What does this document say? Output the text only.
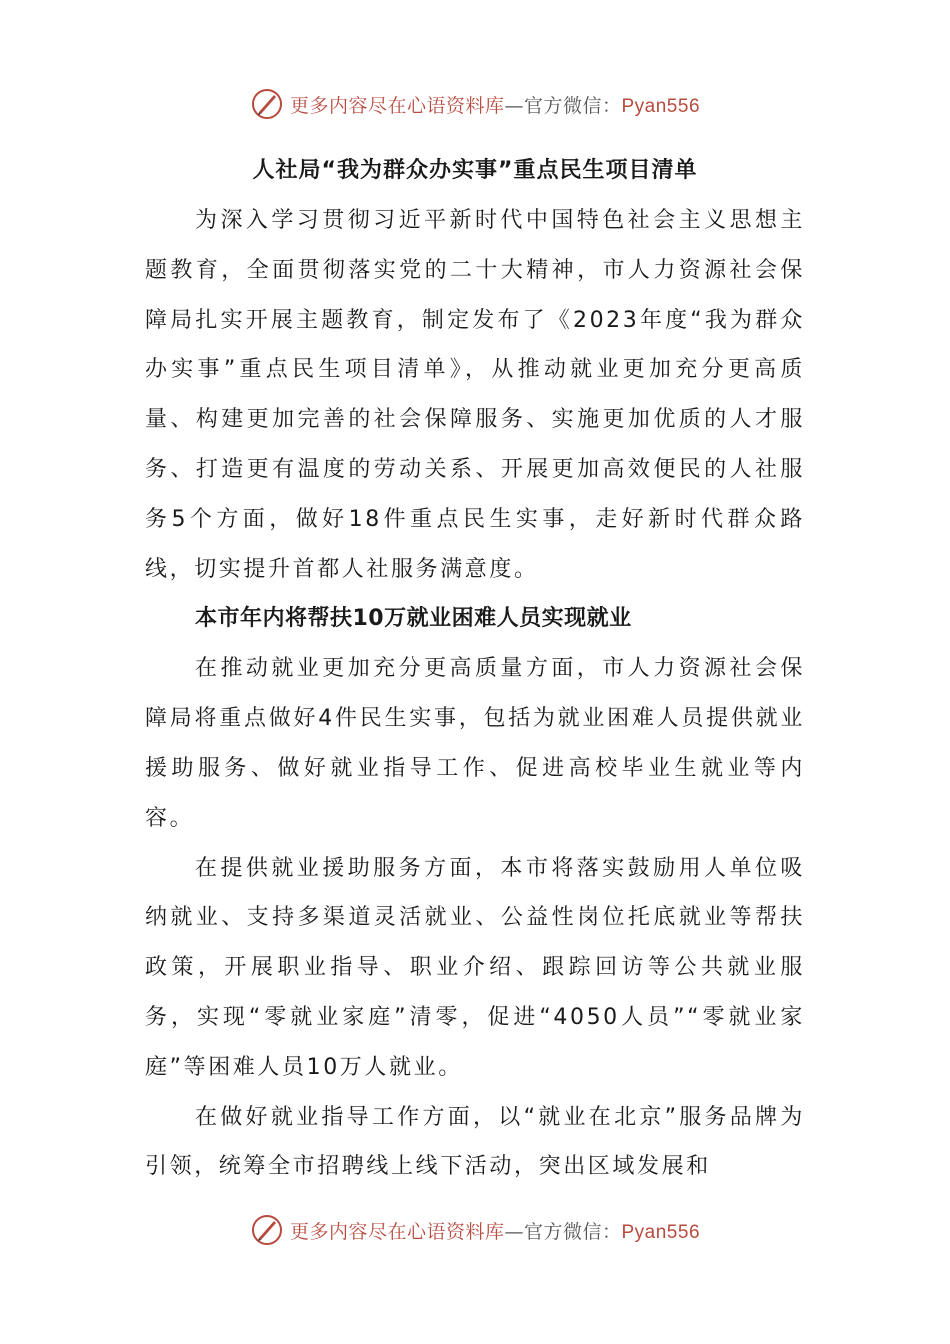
更多内容尽在心语资料库—官方微信：Pyan556

人社局“我为群众办实事”重点民生项目清单

为深入学习贯彻习近平新时代中国特色社会主义思想主题教育，全面贯彻落实党的二十大精神，市人力资源社会保障局扎实开展主题教育，制定发布了《2023年度“我为群众办实事”重点民生项目清单》，从推动就业更加充分更高质量、构建更加完善的社会保障服务、实施更加优质的人才服务、打造更有温度的劳动关系、开展更加高效便民的人社服务5个方面，做好18件重点民生实事，走好新时代群众路线，切实提升首都人社服务满意度。

本市年内将帮扶10万就业困难人员实现就业

在推动就业更加充分更高质量方面，市人力资源社会保障局将重点做好4件民生实事，包括为就业困难人员提供就业援助服务、做好就业指导工作、促进高校毕业生就业等内容。

在提供就业援助服务方面，本市将落实鼓励用人单位吸纳就业、支持多渠道灵活就业、公益性岗位托底就业等帮扶政策，开展职业指导、职业介绍、跟踪回访等公共就业服务，实现“零就业家庭”清零，促进“4050人员”“零就业家庭”等困难人员10万人就业。

在做好就业指导工作方面，以“就业在北京”服务品牌为引领，统筹全市招聘线上线下活动，突出区域发展和

更多内容尽在心语资料库—官方微信：Pyan556
